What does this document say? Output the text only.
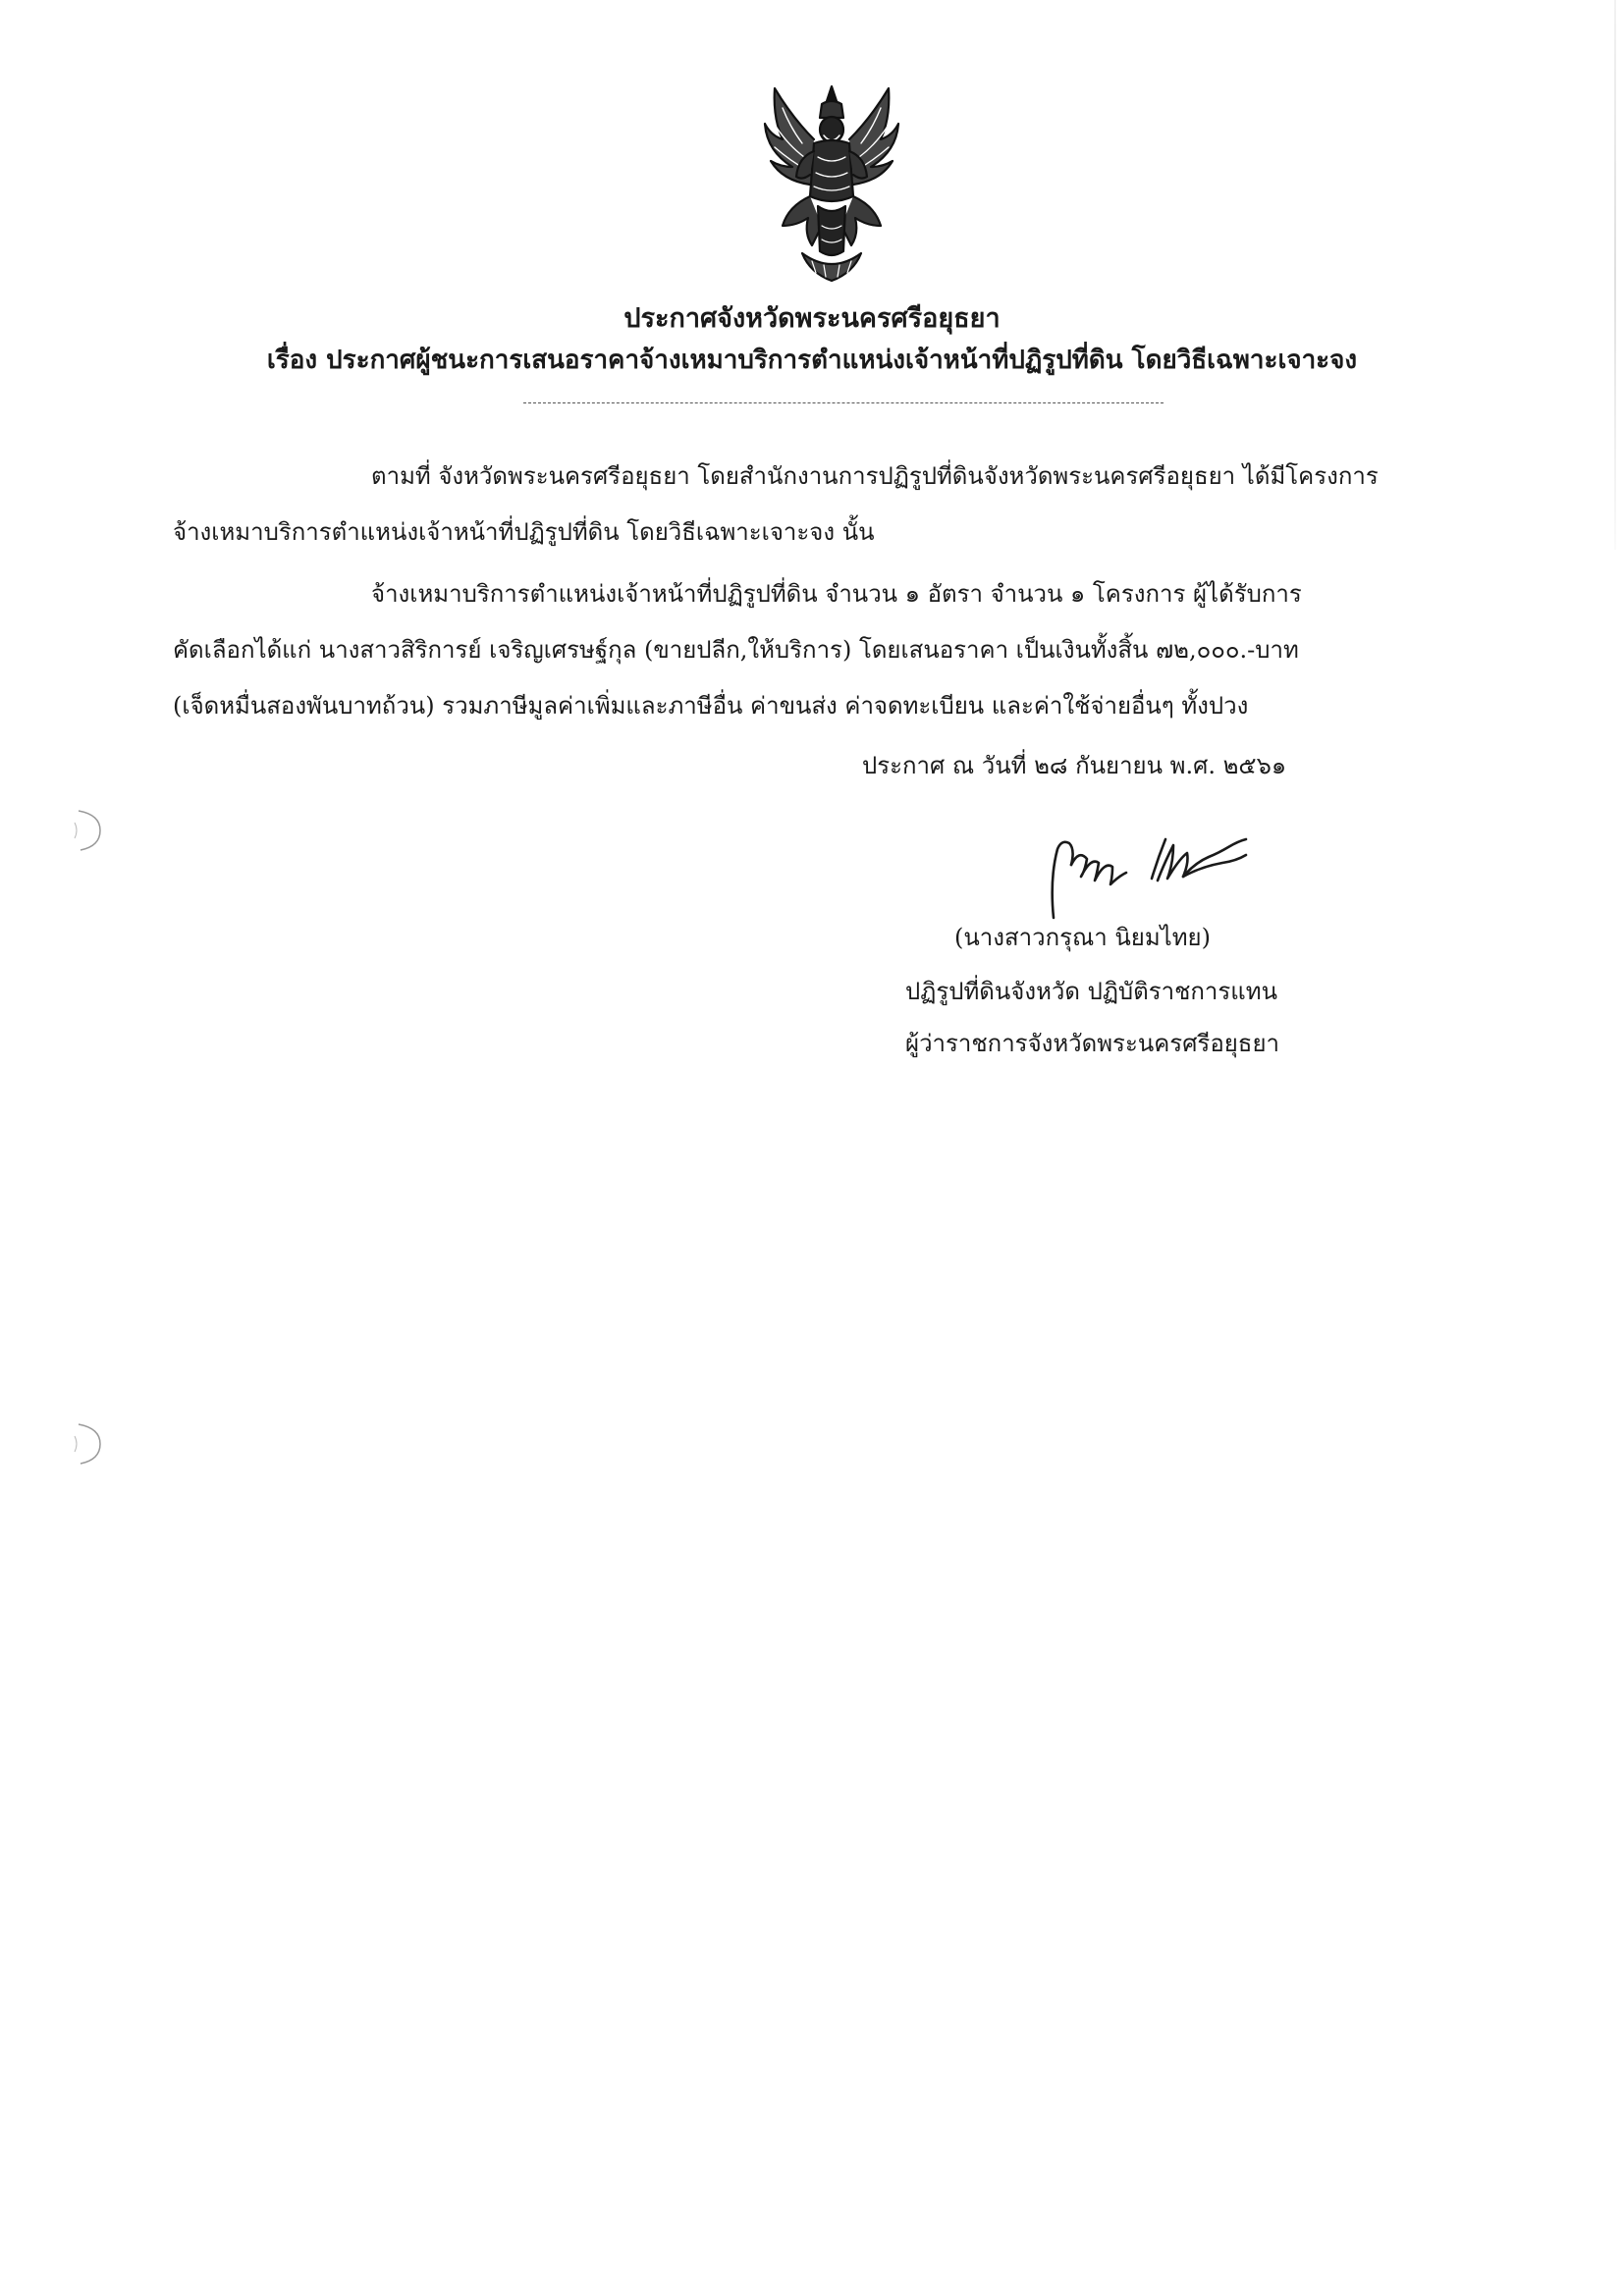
ประกาศจังหวัดพระนครศรีอยุธยา
เรื่อง ประกาศผู้ชนะการเสนอราคาจ้างเหมาบริการตำแหน่งเจ้าหน้าที่ปฏิรูปที่ดิน โดยวิธีเฉพาะเจาะจง
ตามที่ จังหวัดพระนครศรีอยุธยา โดยสำนักงานการปฏิรูปที่ดินจังหวัดพระนครศรีอยุธยา ได้มีโครงการ
จ้างเหมาบริการตำแหน่งเจ้าหน้าที่ปฏิรูปที่ดิน โดยวิธีเฉพาะเจาะจง นั้น
จ้างเหมาบริการตำแหน่งเจ้าหน้าที่ปฏิรูปที่ดิน จำนวน ๑ อัตรา จำนวน ๑ โครงการ ผู้ได้รับการ
คัดเลือกได้แก่ นางสาวสิริการย์ เจริญเศรษฐ์กุล (ขายปลีก,ให้บริการ) โดยเสนอราคา เป็นเงินทั้งสิ้น ๗๒,๐๐๐.-บาท
(เจ็ดหมื่นสองพันบาทถ้วน) รวมภาษีมูลค่าเพิ่มและภาษีอื่น ค่าขนส่ง ค่าจดทะเบียน และค่าใช้จ่ายอื่นๆ ทั้งปวง
ประกาศ ณ วันที่ ๒๘ กันยายน พ.ศ. ๒๕๖๑
(นางสาวกรุณา นิยมไทย)
ปฏิรูปที่ดินจังหวัด ปฏิบัติราชการแทน
ผู้ว่าราชการจังหวัดพระนครศรีอยุธยา
